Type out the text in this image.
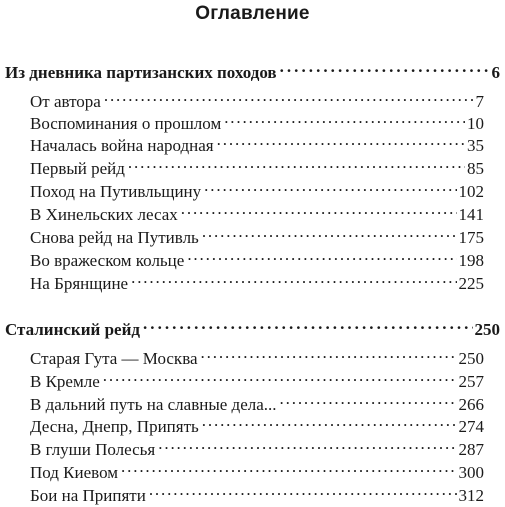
Оглавление
Из дневника партизанских походов . . .	6
От автора . . .	7
Воспоминания о прошлом . . .	10
Началась война народная . . .	35
Первый рейд . . .	85
Поход на Путивльщину . . .	102
В Хинельских лесах . . .	141
Снова рейд на Путивль . . .	175
Во вражеском кольце . . .	198
На Брянщине . . .	225
Сталинский рейд . . .	250
Старая Гута — Москва . . .	250
В Кремле . . .	257
В дальний путь на славные дела... . . .	266
Десна, Днепр, Припять . . .	274
В глуши Полесья . . .	287
Под Киевом . . .	300
Бои на Припяти . . .	312
